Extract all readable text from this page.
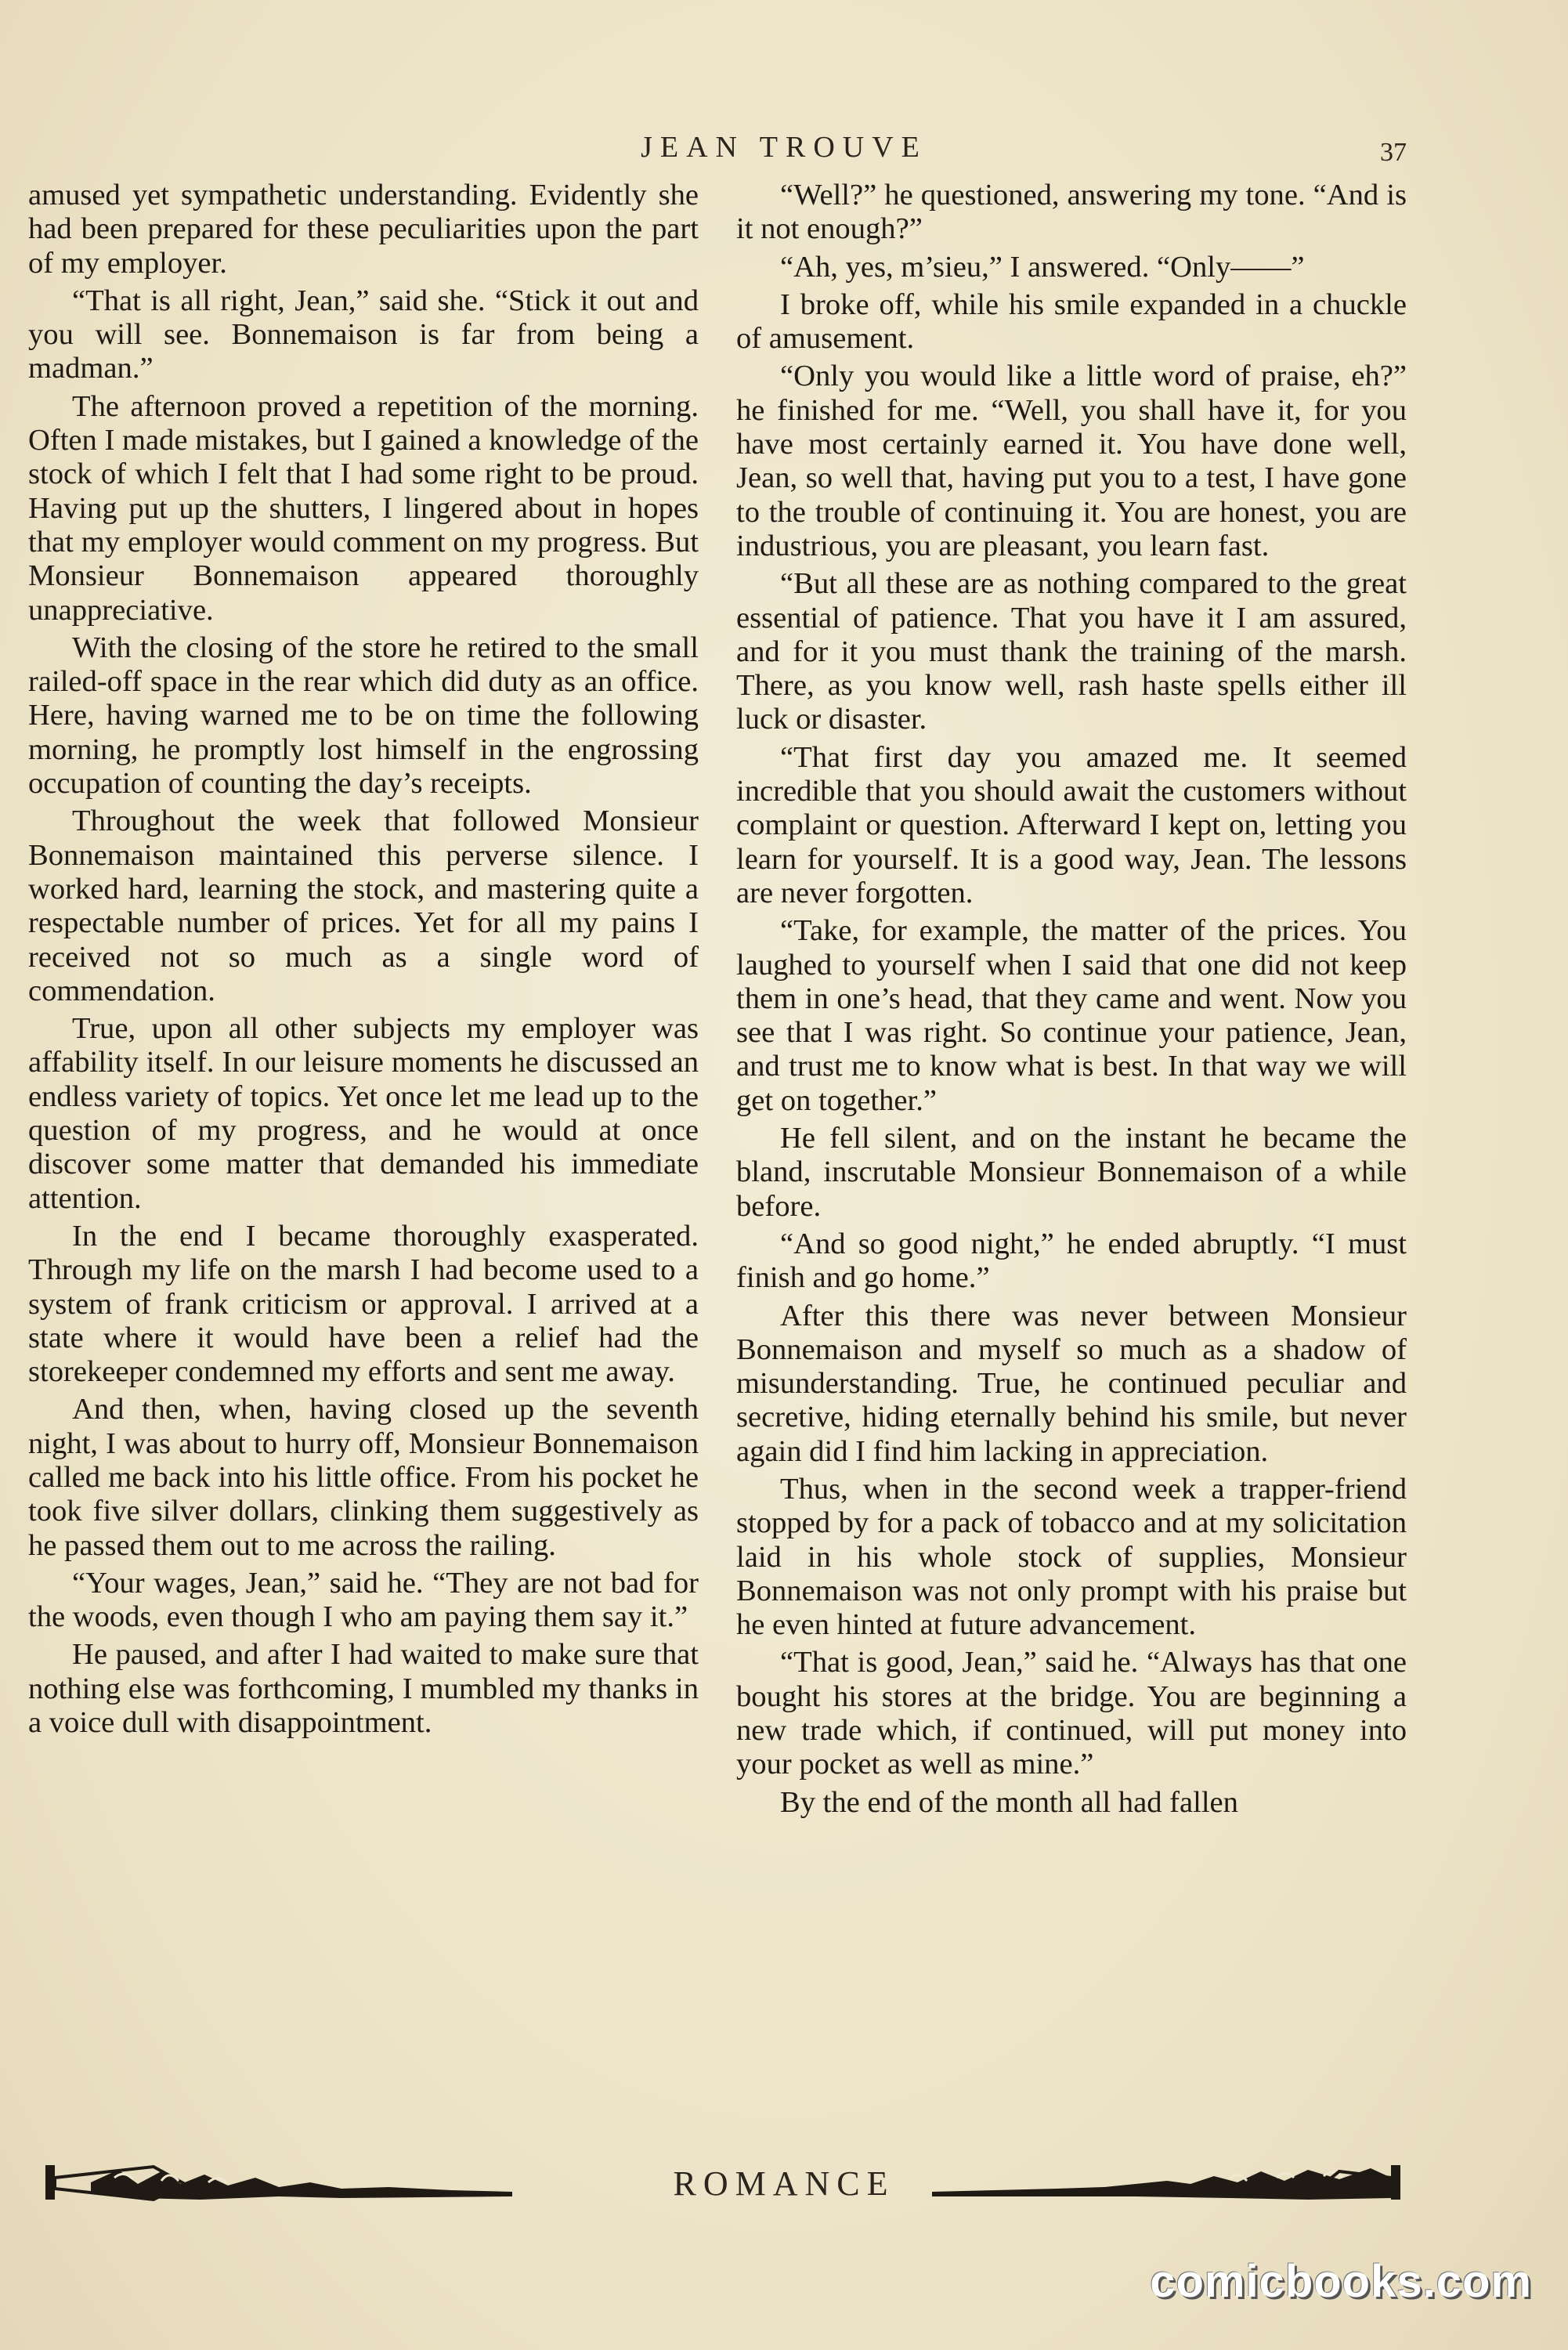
JEAN TROUVE	37

amused yet sympathetic understanding. Evidently she had been prepared for these peculiarities upon the part of my employer.

“That is all right, Jean,” said she. “Stick it out and you will see. Bonnemaison is far from being a madman.”

The afternoon proved a repetition of the morning. Often I made mistakes, but I gained a knowledge of the stock of which I felt that I had some right to be proud. Having put up the shutters, I lingered about in hopes that my employer would comment on my progress. But Monsieur Bonnemaison appeared thoroughly unappreciative.

With the closing of the store he retired to the small railed-off space in the rear which did duty as an office. Here, having warned me to be on time the following morning, he promptly lost himself in the engrossing occupation of counting the day’s receipts.

Throughout the week that followed Monsieur Bonnemaison maintained this perverse silence. I worked hard, learning the stock, and mastering quite a respectable number of prices. Yet for all my pains I received not so much as a single word of commendation.

True, upon all other subjects my employer was affability itself. In our leisure moments he discussed an endless variety of topics. Yet once let me lead up to the question of my progress, and he would at once discover some matter that demanded his immediate attention.

In the end I became thoroughly exasperated. Through my life on the marsh I had become used to a system of frank criticism or approval. I arrived at a state where it would have been a relief had the storekeeper condemned my efforts and sent me away.

And then, when, having closed up the seventh night, I was about to hurry off, Monsieur Bonnemaison called me back into his little office. From his pocket he took five silver dollars, clinking them suggestively as he passed them out to me across the railing.

“Your wages, Jean,” said he. “They are not bad for the woods, even though I who am paying them say it.”

He paused, and after I had waited to make sure that nothing else was forthcoming, I mumbled my thanks in a voice dull with disappointment.

“Well?” he questioned, answering my tone. “And is it not enough?”

“Ah, yes, m’sieu,” I answered. “Only——”

I broke off, while his smile expanded in a chuckle of amusement.

“Only you would like a little word of praise, eh?” he finished for me. “Well, you shall have it, for you have most certainly earned it. You have done well, Jean, so well that, having put you to a test, I have gone to the trouble of continuing it. You are honest, you are industrious, you are pleasant, you learn fast.

“But all these are as nothing compared to the great essential of patience. That you have it I am assured, and for it you must thank the training of the marsh. There, as you know well, rash haste spells either ill luck or disaster.

“That first day you amazed me. It seemed incredible that you should await the customers without complaint or question. Afterward I kept on, letting you learn for yourself. It is a good way, Jean. The lessons are never forgotten.

“Take, for example, the matter of the prices. You laughed to yourself when I said that one did not keep them in one’s head, that they came and went. Now you see that I was right. So continue your patience, Jean, and trust me to know what is best. In that way we will get on together.”

He fell silent, and on the instant he became the bland, inscrutable Monsieur Bonnemaison of a while before.

“And so good night,” he ended abruptly. “I must finish and go home.”

After this there was never between Monsieur Bonnemaison and myself so much as a shadow of misunderstanding. True, he continued peculiar and secretive, hiding eternally behind his smile, but never again did I find him lacking in appreciation.

Thus, when in the second week a trapper-friend stopped by for a pack of tobacco and at my solicitation laid in his whole stock of supplies, Monsieur Bonnemaison was not only prompt with his praise but he even hinted at future advancement.

“That is good, Jean,” said he. “Always has that one bought his stores at the bridge. You are beginning a new trade which, if continued, will put money into your pocket as well as mine.”

By the end of the month all had fallen

ROMANCE
comicbooks.com
